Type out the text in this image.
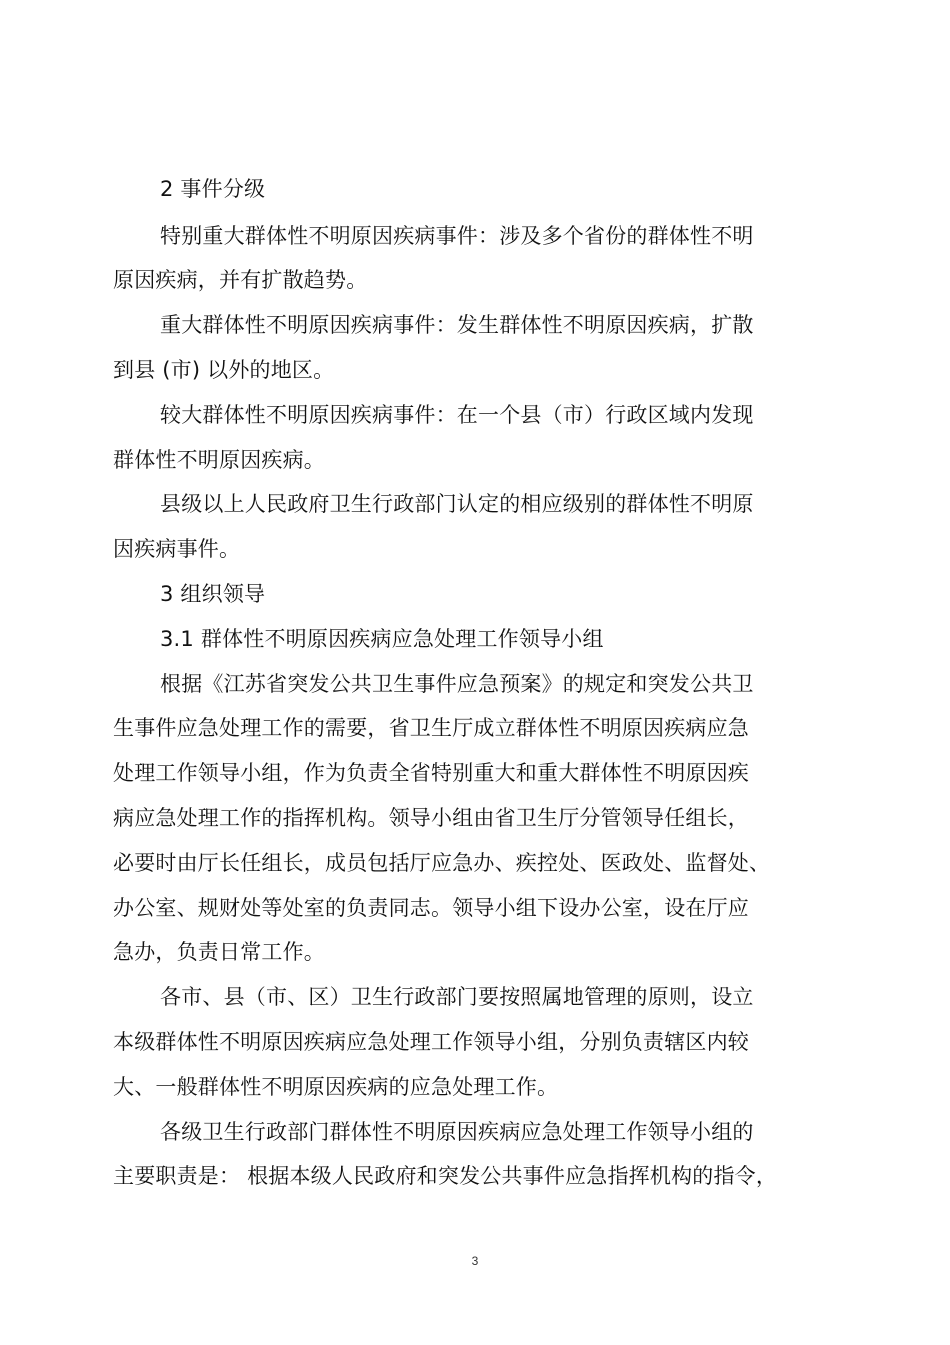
2 事件分级
特别重大群体性不明原因疾病事件：涉及多个省份的群体性不明
原因疾病，并有扩散趋势。
重大群体性不明原因疾病事件：发生群体性不明原因疾病，扩散
到县 (市) 以外的地区。
较大群体性不明原因疾病事件：在一个县（市）行政区域内发现
群体性不明原因疾病。
县级以上人民政府卫生行政部门认定的相应级别的群体性不明原
因疾病事件。
3 组织领导
3.1 群体性不明原因疾病应急处理工作领导小组
根据《江苏省突发公共卫生事件应急预案》的规定和突发公共卫
生事件应急处理工作的需要，省卫生厅成立群体性不明原因疾病应急
处理工作领导小组，作为负责全省特别重大和重大群体性不明原因疾
病应急处理工作的指挥机构。领导小组由省卫生厅分管领导任组长，
必要时由厅长任组长，成员包括厅应急办、疾控处、医政处、监督处、
办公室、规财处等处室的负责同志。领导小组下设办公室，设在厅应
急办，负责日常工作。
各市、县（市、区）卫生行政部门要按照属地管理的原则，设立
本级群体性不明原因疾病应急处理工作领导小组，分别负责辖区内较
大、一般群体性不明原因疾病的应急处理工作。
各级卫生行政部门群体性不明原因疾病应急处理工作领导小组的
主要职责是： 根据本级人民政府和突发公共事件应急指挥机构的指令，
3
